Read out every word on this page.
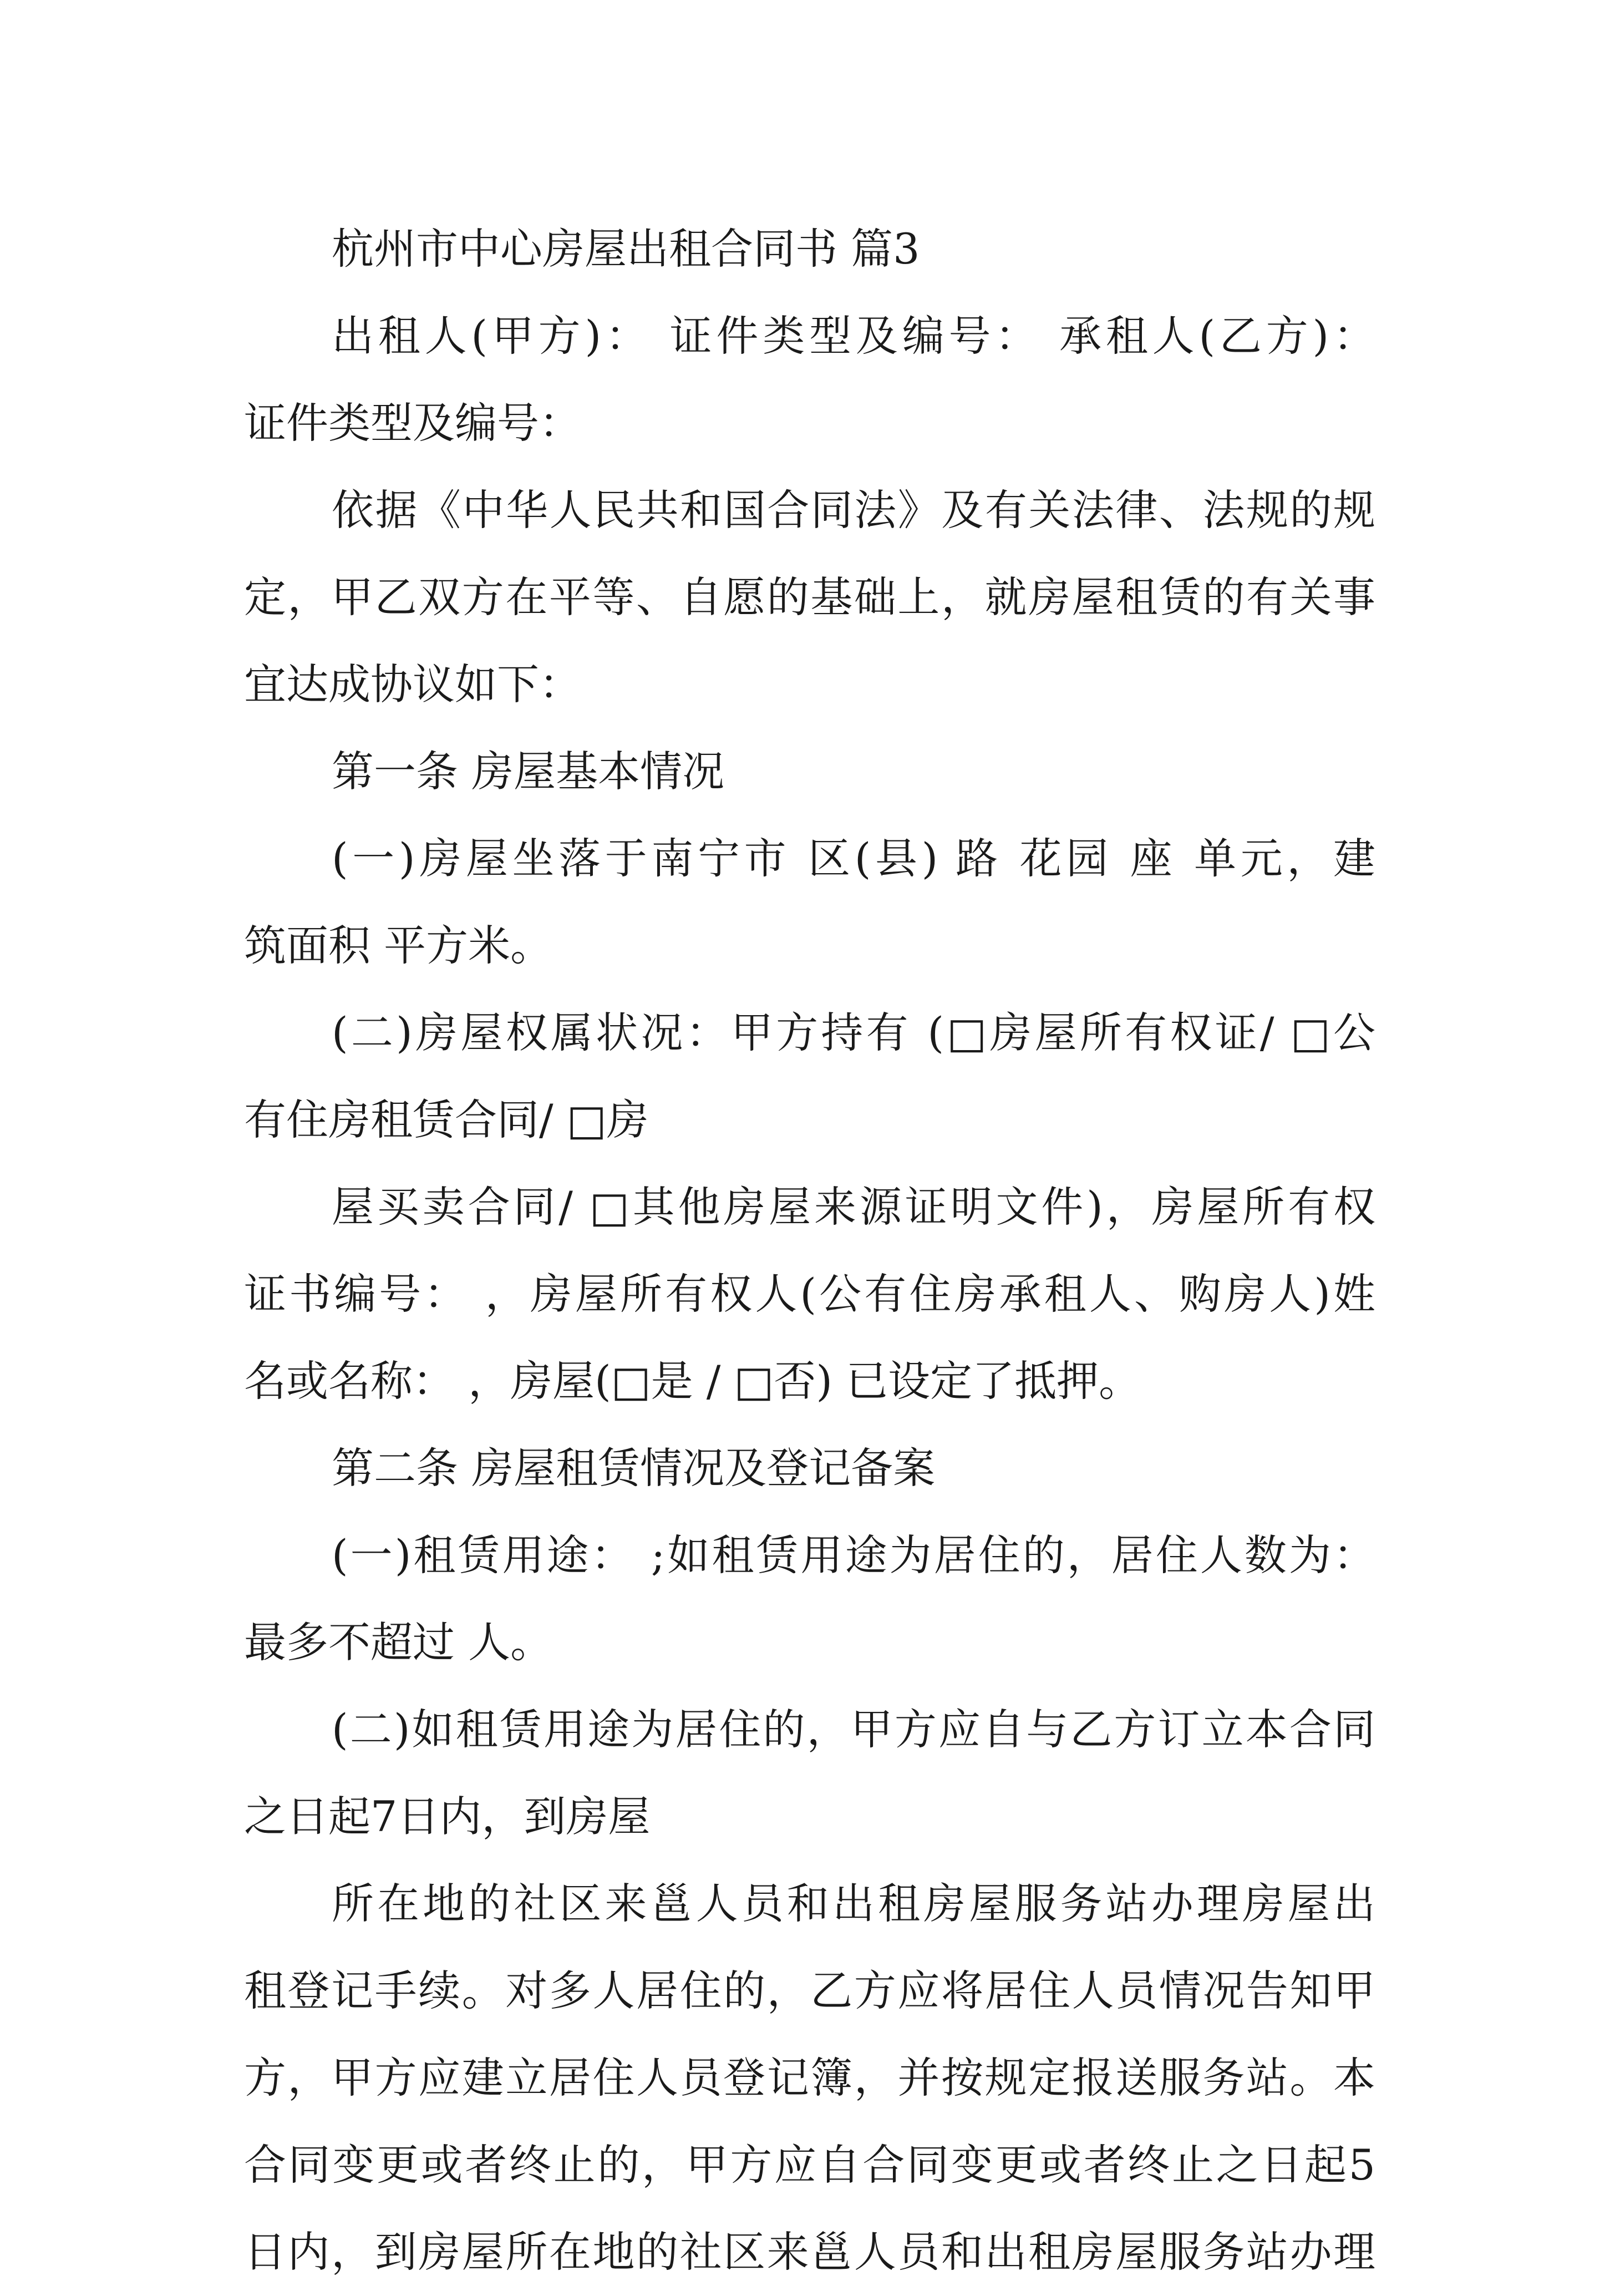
杭州市中心房屋出租合同书 篇3
出租人(甲方)： 证件类型及编号： 承租人(乙方)：
证件类型及编号：
依据《中华人民共和国合同法》及有关法律、法规的规
定，甲乙双方在平等、自愿的基础上，就房屋租赁的有关事
宜达成协议如下：
第一条 房屋基本情况
(一)房屋坐落于南宁市 区(县) 路 花园 座 单元，建
筑面积 平方米。
(二)房屋权属状况：甲方持有 (□房屋所有权证/ □公
有住房租赁合同/ □房
屋买卖合同/ □其他房屋来源证明文件)，房屋所有权
证书编号： ，房屋所有权人(公有住房承租人、购房人)姓
名或名称： ，房屋(□是 / □否) 已设定了抵押。
第二条 房屋租赁情况及登记备案
(一)租赁用途： ;如租赁用途为居住的，居住人数为：
最多不超过 人。
(二)如租赁用途为居住的，甲方应自与乙方订立本合同
之日起7日内，到房屋
所在地的社区来邕人员和出租房屋服务站办理房屋出
租登记手续。对多人居住的，乙方应将居住人员情况告知甲
方，甲方应建立居住人员登记簿，并按规定报送服务站。本
合同变更或者终止的，甲方应自合同变更或者终止之日起5
日内，到房屋所在地的社区来邕人员和出租房屋服务站办理
